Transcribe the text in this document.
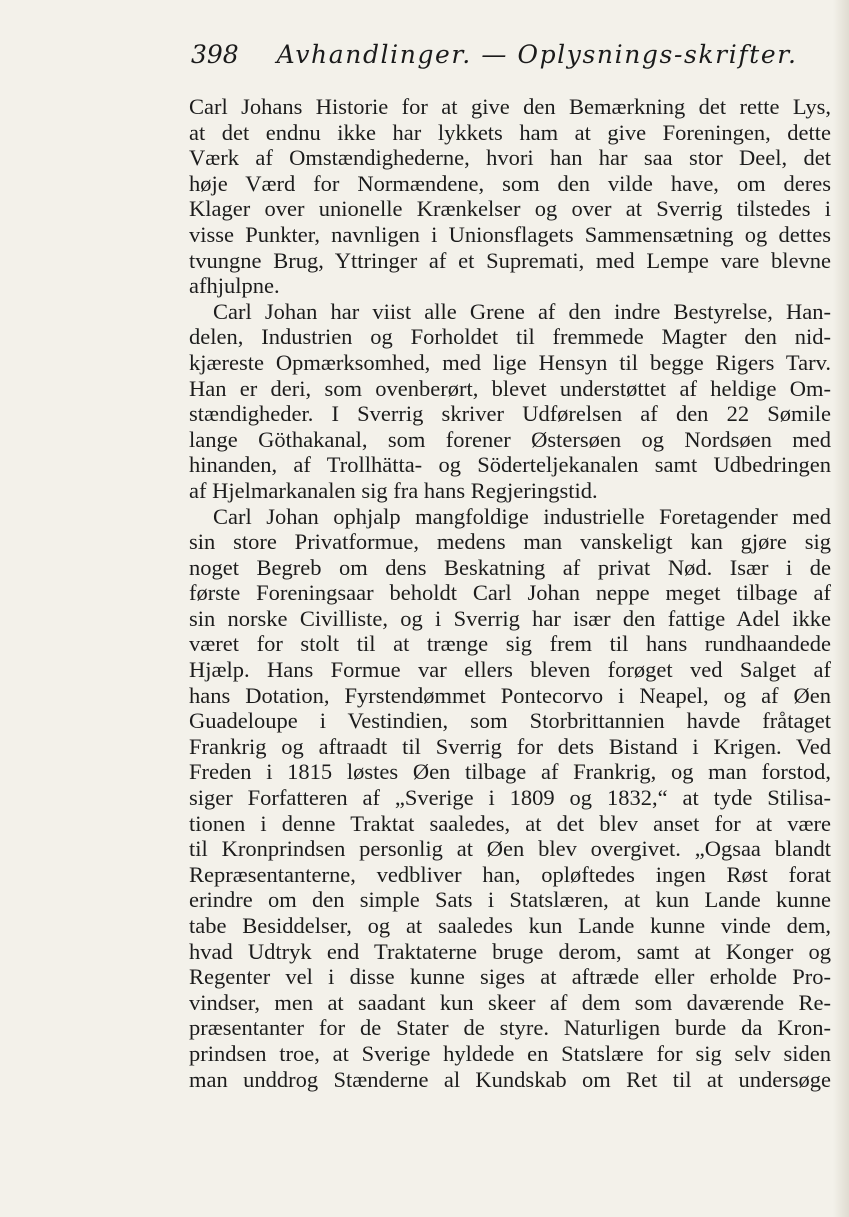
398 Avhandlinger. — Oplysnings-skrifter.
Carl Johans Historie for at give den Bemærkning det rette Lys,
at det endnu ikke har lykkets ham at give Foreningen, dette
Værk af Omstændighederne, hvori han har saa stor Deel, det
høje Værd for Normændene, som den vilde have, om deres
Klager over unionelle Krænkelser og over at Sverrig tilstedes i
visse Punkter, navnligen i Unionsflagets Sammensætning og dettes
tvungne Brug, Yttringer af et Supremati, med Lempe vare blevne
afhjulpne.
Carl Johan har viist alle Grene af den indre Bestyrelse, Han-
delen, Industrien og Forholdet til fremmede Magter den nid-
kjæreste Opmærksomhed, med lige Hensyn til begge Rigers Tarv.
Han er deri, som ovenberørt, blevet understøttet af heldige Om-
stændigheder. I Sverrig skriver Udførelsen af den 22 Sømile
lange Göthakanal, som forener Østersøen og Nordsøen med
hinanden, af Trollhätta- og Söderteljekanalen samt Udbedringen
af Hjelmarkanalen sig fra hans Regjeringstid.
Carl Johan ophjalp mangfoldige industrielle Foretagender med
sin store Privatformue, medens man vanskeligt kan gjøre sig
noget Begreb om dens Beskatning af privat Nød. Især i de
første Foreningsaar beholdt Carl Johan neppe meget tilbage af
sin norske Civilliste, og i Sverrig har især den fattige Adel ikke
været for stolt til at trænge sig frem til hans rundhaandede
Hjælp. Hans Formue var ellers bleven forøget ved Salget af
hans Dotation, Fyrstendømmet Pontecorvo i Neapel, og af Øen
Guadeloupe i Vestindien, som Storbrittannien havde fråtaget
Frankrig og aftraadt til Sverrig for dets Bistand i Krigen. Ved
Freden i 1815 løstes Øen tilbage af Frankrig, og man forstod,
siger Forfatteren af „Sverige i 1809 og 1832,“ at tyde Stilisa-
tionen i denne Traktat saaledes, at det blev anset for at være
til Kronprindsen personlig at Øen blev overgivet. „Ogsaa blandt
Repræsentanterne, vedbliver han, opløftedes ingen Røst forat
erindre om den simple Sats i Statslæren, at kun Lande kunne
tabe Besiddelser, og at saaledes kun Lande kunne vinde dem,
hvad Udtryk end Traktaterne bruge derom, samt at Konger og
Regenter vel i disse kunne siges at aftræde eller erholde Pro-
vindser, men at saadant kun skeer af dem som daværende Re-
præsentanter for de Stater de styre. Naturligen burde da Kron-
prindsen troe, at Sverige hyldede en Statslære for sig selv siden
man unddrog Stænderne al Kundskab om Ret til at undersøge
